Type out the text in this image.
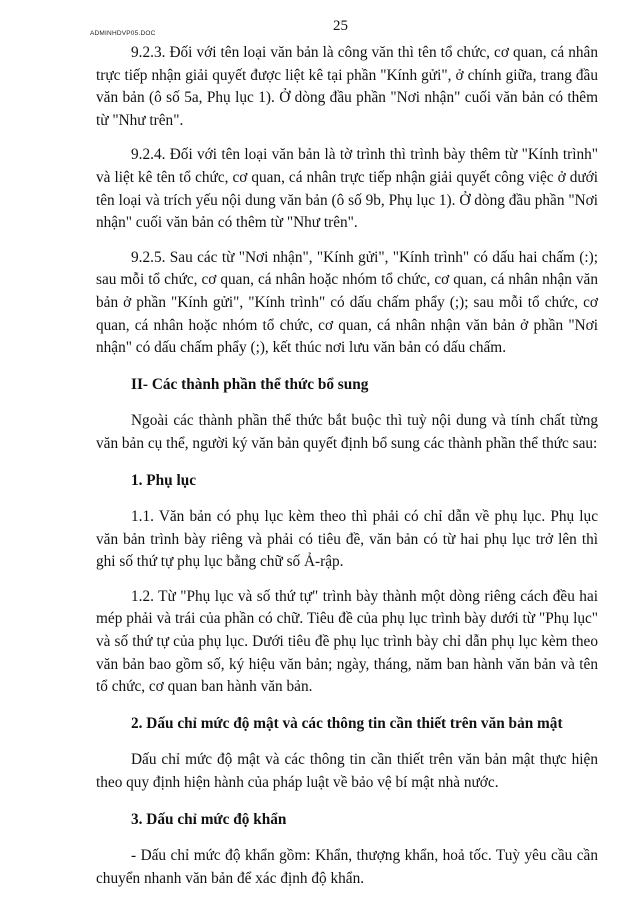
ADMINHDVP05.DOC	25

9.2.3. Đối với tên loại văn bản là công văn thì tên tổ chức, cơ quan, cá nhân trực tiếp nhận giải quyết được liệt kê tại phần "Kính gửi", ở chính giữa, trang đầu văn bản (ô số 5a, Phụ lục 1). Ở dòng đầu phần "Nơi nhận" cuối văn bản có thêm từ "Như trên".

9.2.4. Đối với tên loại văn bản là tờ trình thì trình bày thêm từ "Kính trình" và liệt kê tên tổ chức, cơ quan, cá nhân trực tiếp nhận giải quyết công việc ở dưới tên loại và trích yếu nội dung văn bản (ô số 9b, Phụ lục 1). Ở dòng đầu phần "Nơi nhận" cuối văn bản có thêm từ "Như trên".

9.2.5. Sau các từ "Nơi nhận", "Kính gửi", "Kính trình" có dấu hai chấm (:); sau mỗi tổ chức, cơ quan, cá nhân hoặc nhóm tổ chức, cơ quan, cá nhân nhận văn bản ở phần "Kính gửi", "Kính trình" có dấu chấm phẩy (;); sau mỗi tổ chức, cơ quan, cá nhân hoặc nhóm tổ chức, cơ quan, cá nhân nhận văn bản ở phần "Nơi nhận" có dấu chấm phẩy (;), kết thúc nơi lưu văn bản có dấu chấm.

II- Các thành phần thể thức bổ sung

Ngoài các thành phần thể thức bắt buộc thì tuỳ nội dung và tính chất từng văn bản cụ thể, người ký văn bản quyết định bổ sung các thành phần thể thức sau:

1. Phụ lục

1.1. Văn bản có phụ lục kèm theo thì phải có chỉ dẫn về phụ lục. Phụ lục văn bản trình bày riêng và phải có tiêu đề, văn bản có từ hai phụ lục trở lên thì ghi số thứ tự phụ lục bằng chữ số Ả-rập.

1.2. Từ "Phụ lục và số thứ tự" trình bày thành một dòng riêng cách đều hai mép phải và trái của phần có chữ. Tiêu đề của phụ lục trình bày dưới từ "Phụ lục" và số thứ tự của phụ lục. Dưới tiêu đề phụ lục trình bày chỉ dẫn phụ lục kèm theo văn bản bao gồm số, ký hiệu văn bản; ngày, tháng, năm ban hành văn bản và tên tổ chức, cơ quan ban hành văn bản.

2. Dấu chỉ mức độ mật và các thông tin cần thiết trên văn bản mật

Dấu chỉ mức độ mật và các thông tin cần thiết trên văn bản mật thực hiện theo quy định hiện hành của pháp luật về bảo vệ bí mật nhà nước.

3. Dấu chỉ mức độ khẩn

- Dấu chỉ mức độ khẩn gồm: Khẩn, thượng khẩn, hoả tốc. Tuỳ yêu cầu cần chuyển nhanh văn bản để xác định độ khẩn.
